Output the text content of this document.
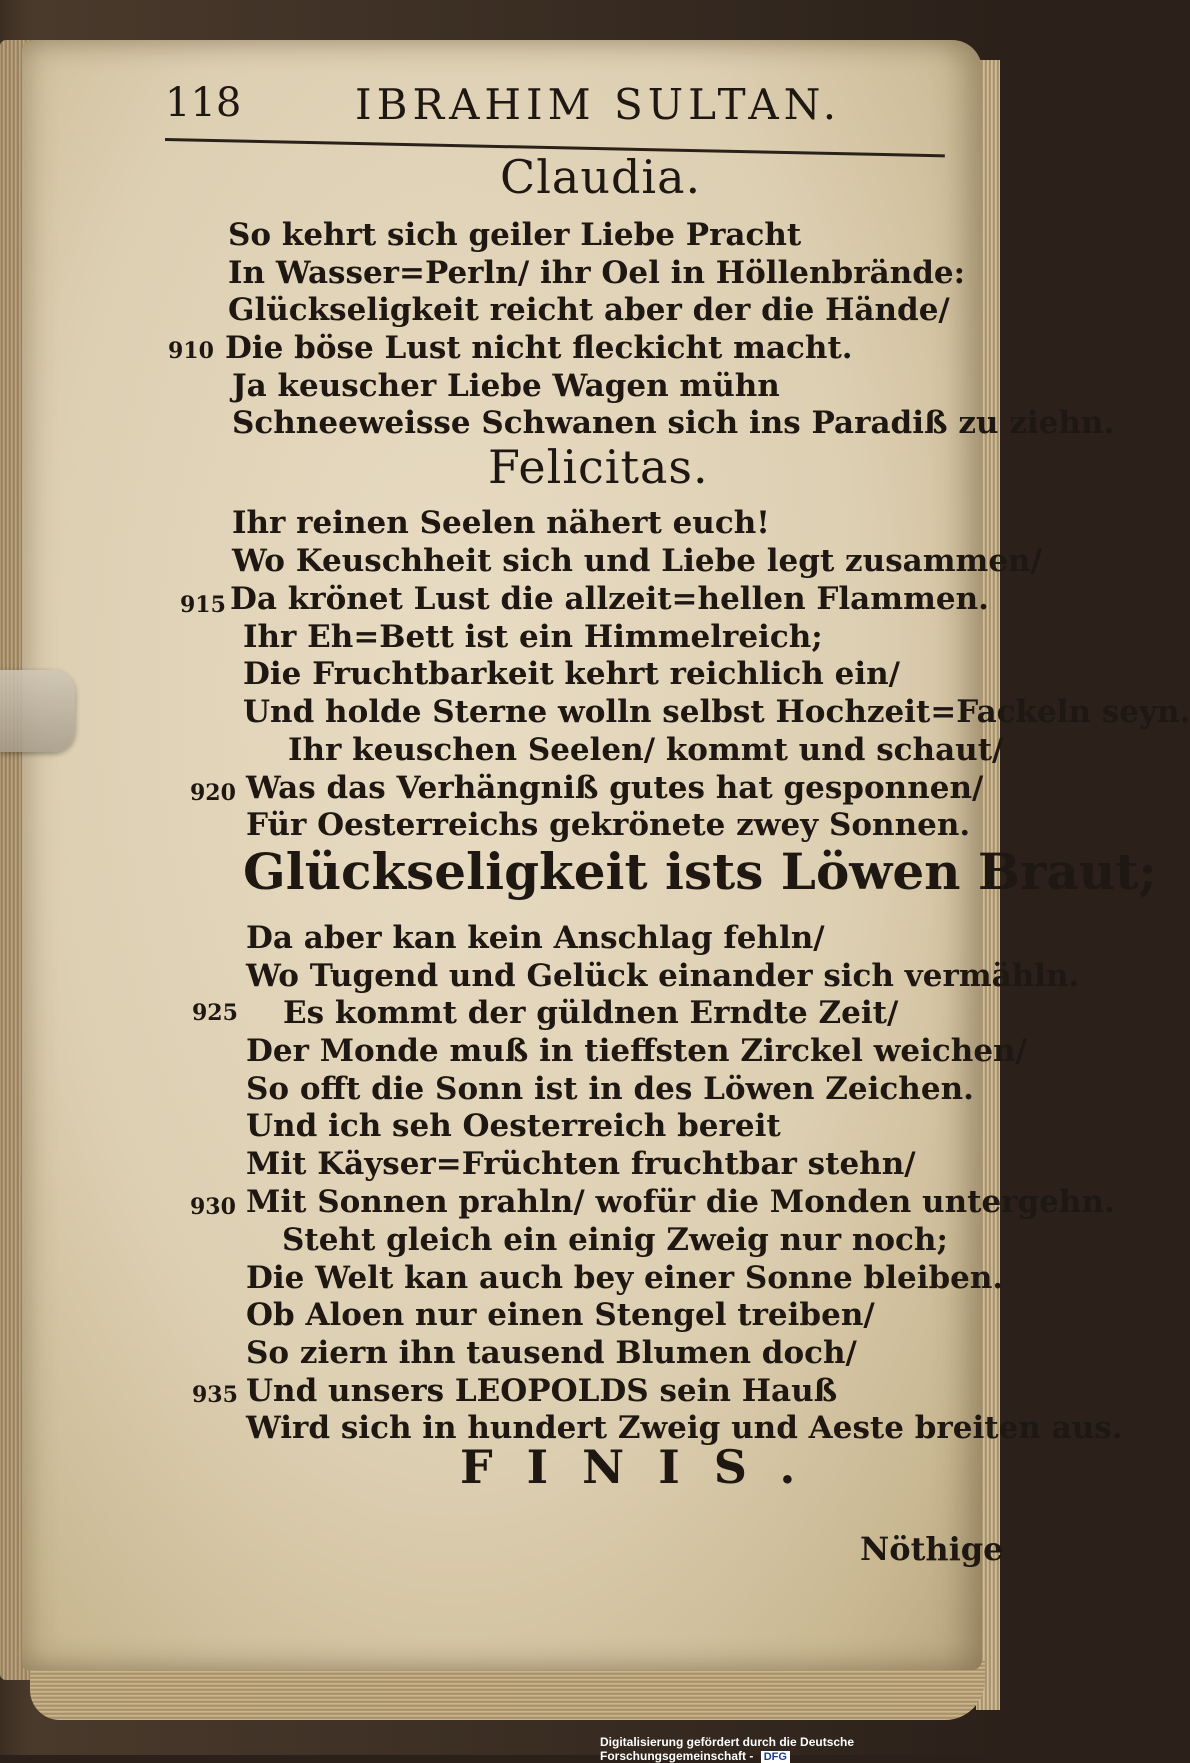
118	IBRAHIM SULTAN.
Claudia.
So kehrt sich geiler Liebe Pracht
In Wasser=Perln/ ihr Oel in Höllenbrände:
Glückseligkeit reicht aber der die Hände/
910 Die böse Lust nicht fleckicht macht.
Ja keuscher Liebe Wagen mühn
Schneeweisse Schwanen sich ins Paradiß zu ziehn.
Felicitas.
Ihr reinen Seelen nähert euch!
Wo Keuschheit sich und Liebe legt zusammen/
915 Da krönet Lust die allzeit=hellen Flammen.
Ihr Eh=Bett ist ein Himmelreich;
Die Fruchtbarkeit kehrt reichlich ein/
Und holde Sterne wolln selbst Hochzeit=Fackeln seyn.
Ihr keuschen Seelen/ kommt und schaut/
920 Was das Verhängniß gutes hat gesponnen/
Für Oesterreichs gekrönete zwey Sonnen.
Glückseligkeit ists Löwen Braut;
Da aber kan kein Anschlag fehln/
Wo Tugend und Gelück einander sich vermähln.
Es kommt der güldnen Erndte Zeit/
925
Der Monde muß in tieffsten Zirckel weichen/
So offt die Sonn ist in des Löwen Zeichen.
Und ich seh Oesterreich bereit
Mit Käyser=Früchten fruchtbar stehn/
930 Mit Sonnen prahln/ wofür die Monden untergehn.
Steht gleich ein einig Zweig nur noch;
Die Welt kan auch bey einer Sonne bleiben.
Ob Aloen nur einen Stengel treiben/
So ziern ihn tausend Blumen doch/
935 Und unsers LEOPOLDS sein Hauß
Wird sich in hundert Zweig und Aeste breiten aus.
FINIS.
Nöthige
Digitalisierung gefördert durch die Deutsche Forschungsgemeinschaft - DFG
